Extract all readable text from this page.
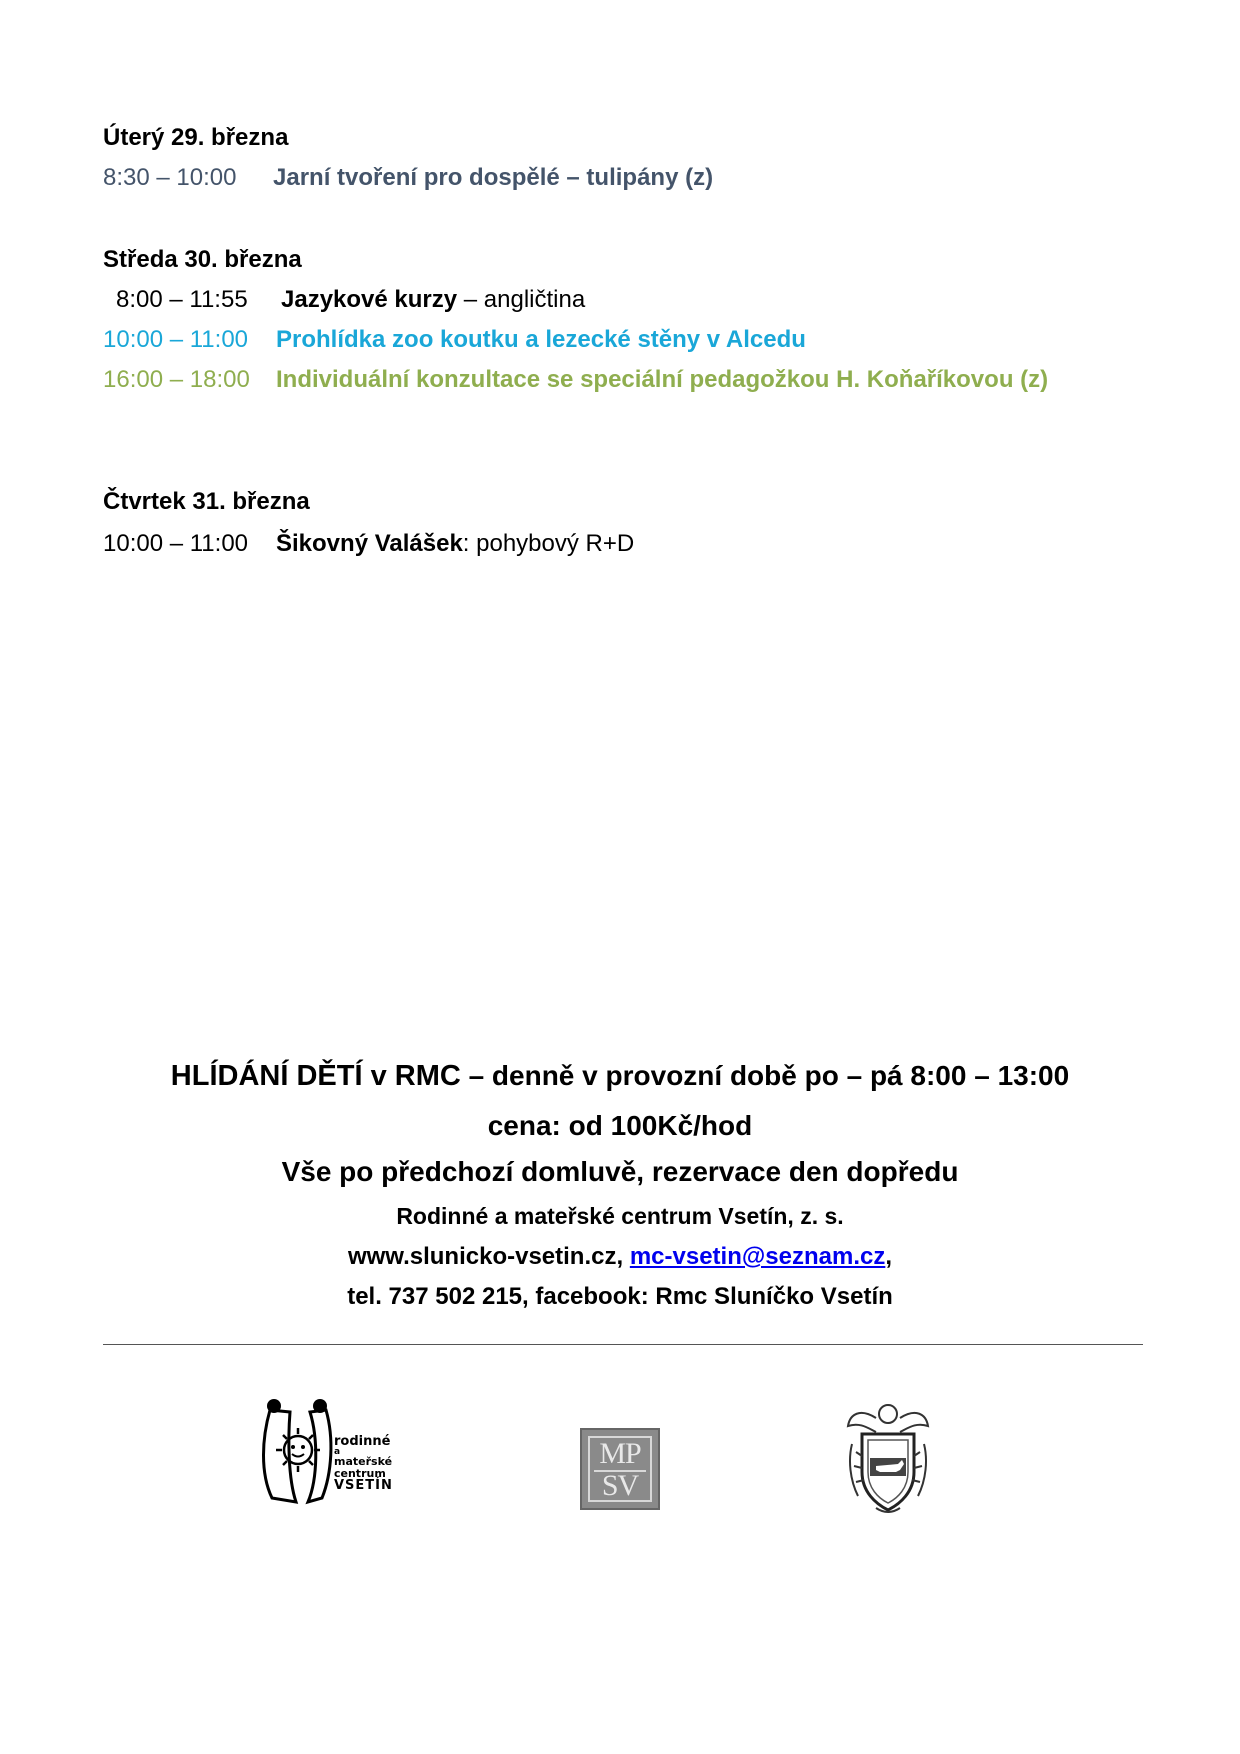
Úterý 29. března
8:30 – 10:00 Jarní tvoření pro dospělé – tulipány (z)
Středa 30. března
8:00 – 11:55 Jazykové kurzy – angličtina
10:00 – 11:00 Prohlídka zoo koutku a lezecké stěny v Alcedu
16:00 – 18:00 Individuální konzultace se speciální pedagožkou H. Koňaříkovou (z)
Čtvrtek 31. března
10:00 – 11:00 Šikovný Valášek: pohybový R+D
HLÍDÁNÍ DĚTÍ v RMC – denně v provozní době po – pá 8:00 – 13:00
cena: od 100Kč/hod
Vše po předchozí domluvě, rezervace den dopředu
Rodinné a mateřské centrum Vsetín, z. s.
www.slunicko-vsetin.cz, mc-vsetin@seznam.cz,
tel. 737 502 215, facebook: Rmc Sluníčko Vsetín
rodinné
a
mateřské
centrum
VSETÍN
MP
SV
